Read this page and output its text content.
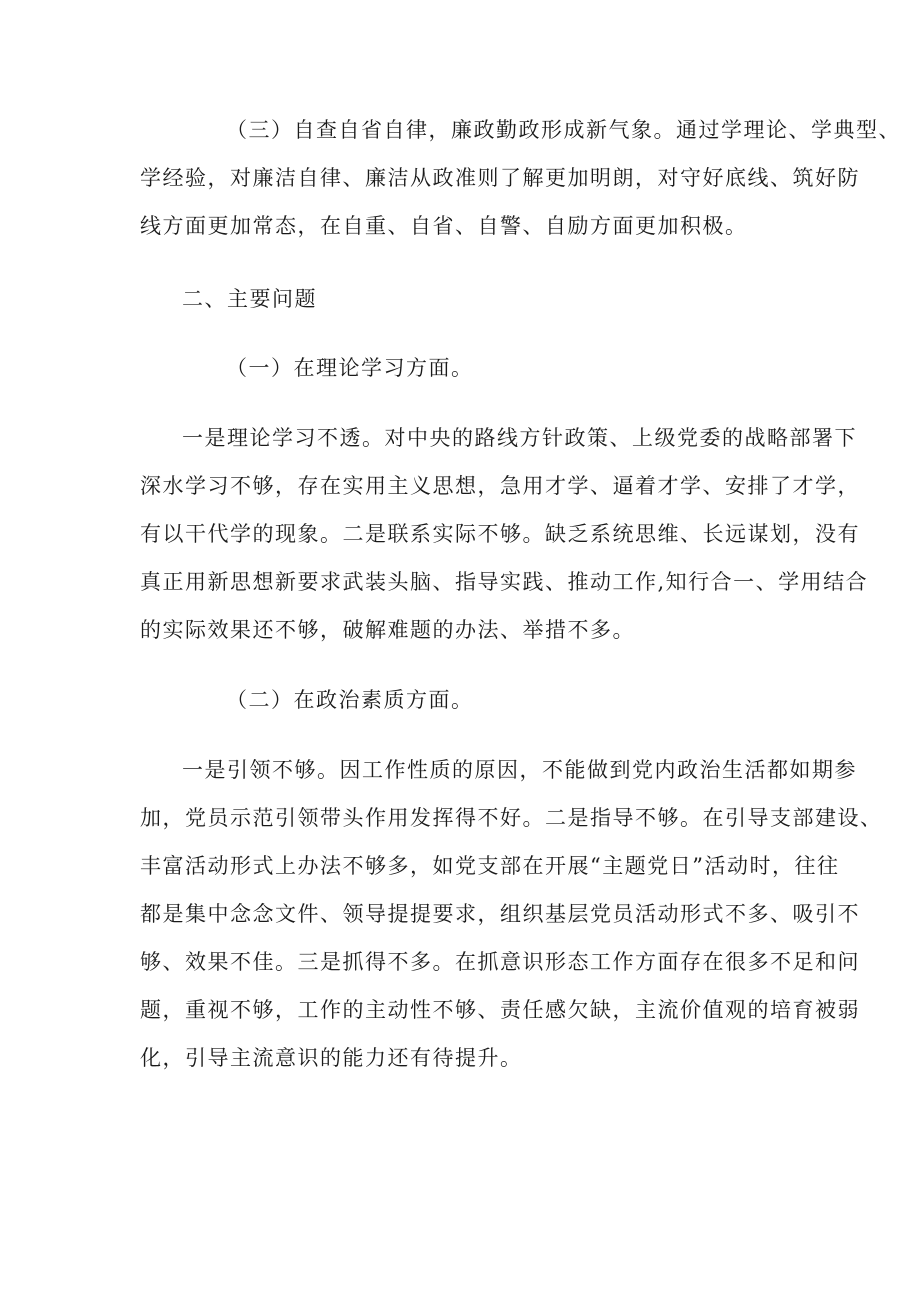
（三）自查自省自律，廉政勤政形成新气象。通过学理论、学典型、
学经验，对廉洁自律、廉洁从政准则了解更加明朗，对守好底线、筑好防
线方面更加常态，在自重、自省、自警、自励方面更加积极。
二、主要问题
（一）在理论学习方面。
一是理论学习不透。对中央的路线方针政策、上级党委的战略部署下
深水学习不够，存在实用主义思想，急用才学、逼着才学、安排了才学，
有以干代学的现象。二是联系实际不够。缺乏系统思维、长远谋划，没有
真正用新思想新要求武装头脑、指导实践、推动工作,知行合一、学用结合
的实际效果还不够，破解难题的办法、举措不多。
（二）在政治素质方面。
一是引领不够。因工作性质的原因，不能做到党内政治生活都如期参
加，党员示范引领带头作用发挥得不好。二是指导不够。在引导支部建设、
丰富活动形式上办法不够多，如党支部在开展“主题党日”活动时，往往
都是集中念念文件、领导提提要求，组织基层党员活动形式不多、吸引不
够、效果不佳。三是抓得不多。在抓意识形态工作方面存在很多不足和问
题，重视不够，工作的主动性不够、责任感欠缺，主流价值观的培育被弱
化，引导主流意识的能力还有待提升。
